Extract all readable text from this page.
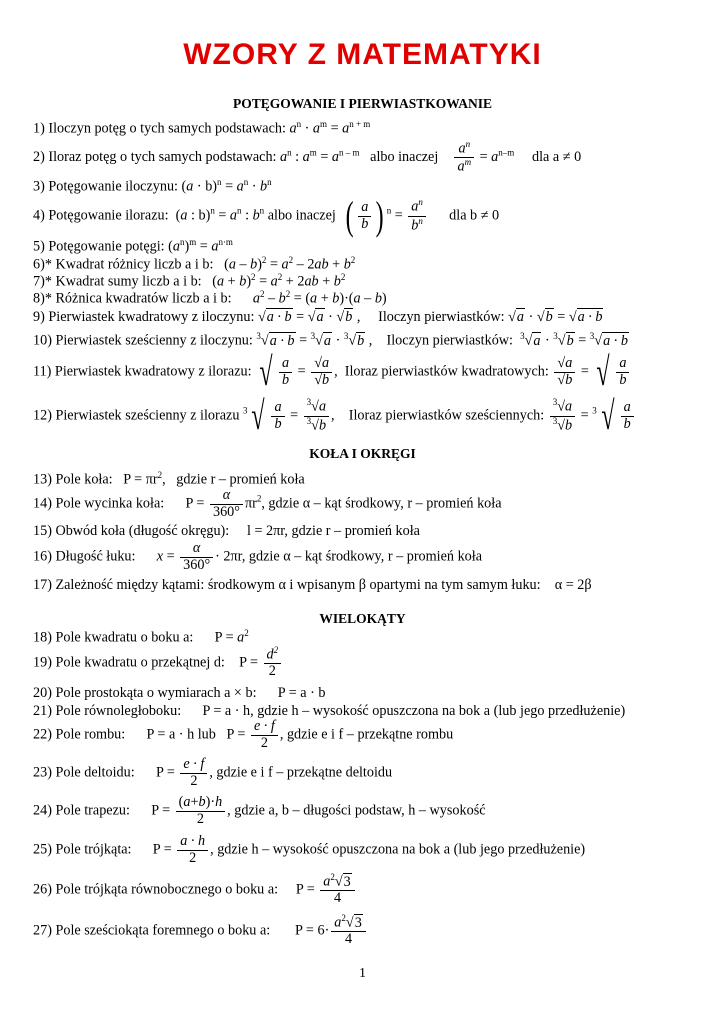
WZORY Z MATEMATYKI
POTĘGOWANIE I PIERWIASTKOWANIE
1) Iloczyn potęg o tych samych podstawach: $a^n \cdot a^m = a^{n + m}$
2) Iloraz potęg o tych samych podstawach: $a^n$ : $a^m = a^{n - m}$ albo inaczej $\frac{a^n}{a^m} = a^{n-m}$ dla a ≠ 0
3) Potęgowanie iloczynu: $(a \cdot b)^n = a^n \cdot b^n$
4) Potęgowanie ilorazu:  (a : $b)^n = a^n$ : $b^n$ albo inaczej ( $\frac{a}{b}$ ) $^n = \frac{a^n}{b^n}$ dla b ≠ 0
5) Potęgowanie potęgi: $(a^n)^m = a^{n\cdot m}$
6)* Kwadrat różnicy liczb a i b:   $(a - b)^2 = a^2 - 2ab + b^2$
7)* Kwadrat sumy liczb a i b:   $(a + b)^2 = a^2 + 2ab + b^2$
8)* Różnica kwadratów liczb a i b: $a^2 - b^2 = (a + b)\cdot(a - b)$
9) Pierwiastek kwadratowy z iloczynu: √a · b = √a · √b ,     Iloczyn pierwiastków: √a · √b = √a · b
10) Pierwiastek sześcienny z iloczynu: $^3$√a · b = $^3$√a · $^3$√b ,    Iloczyn pierwiastków: $^3$√a · $^3$√b = $^3$√a · b
11) Pierwiastek kwadratowy z ilorazu: √ $\frac{a}{b} = \frac{√a}{√b}$ ,  Iloraz pierwiastków kwadratowych: $\frac{√a}{√b}$ = √ $\frac{a}{b}$
12) Pierwiastek sześcienny z ilorazu $^3$ √ $\frac{a}{b} = \frac{^3√a}{^3√b}$ ,    Iloraz pierwiastków sześciennych: $\frac{^3√a}{^3√b} = ^3$ √ $\frac{a}{b}$
KOŁA I OKRĘGI
13) Pole koła:   $P = \pi r^2$,   gdzie r – promień koła
14) Pole wycinka koła:      $P = \frac{\alpha}{360^\circ} \pi r^2$, gdzie α – kąt środkowy, r – promień koła
15) Obwód koła (długość okręgu): l = 2πr, gdzie r – promień koła
16) Długość łuku: $x = \frac{\alpha}{360^\circ} \cdot 2\pi r$, gdzie α – kąt środkowy, r – promień koła
17) Zależność między kątami: środkowym α i wpisanym β opartymi na tym samym łuku: α = 2β
WIELOKĄTY
18) Pole kwadratu o boku a:      $P = a^2$
19) Pole kwadratu o przekątnej d:    $P = \frac{d^2}{2}$
20) Pole prostokąta o wymiarach a × b: P = a · b
21) Pole równoległoboku: P = a · h, gdzie h – wysokość opuszczona na bok a (lub jego przedłużenie)
22) Pole rombu: P = a · h lub   $P = \frac{e \cdot f}{2}$ , gdzie e i f – przekątne rombu
23) Pole deltoidu:      $P = \frac{e \cdot f}{2}$ , gdzie e i f – przekątne deltoidu
24) Pole trapezu:      $P = \frac{(a+b)\cdot h}{2}$ , gdzie a, b – długości podstaw, h – wysokość
25) Pole trójkąta:      $P = \frac{a \cdot h}{2}$ , gdzie h – wysokość opuszczona na bok a (lub jego przedłużenie)
26) Pole trójkąta równobocznego o boku a:     $P = \frac{a^2√3}{4}$
27) Pole sześciokąta foremnego o boku a:       $P = 6\cdot \frac{a^2√3}{4}$
1
